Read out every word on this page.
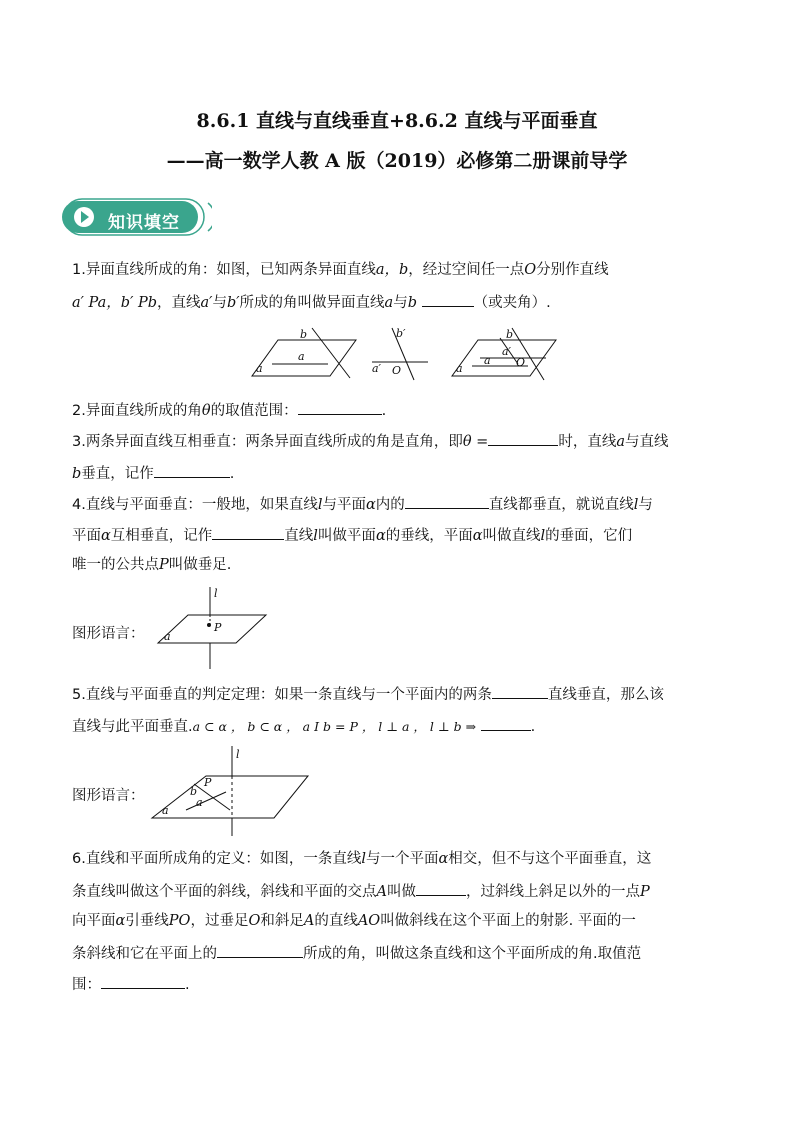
8.6.1 直线与直线垂直+8.6.2 直线与平面垂直
——高一数学人教 A 版（2019）必修第二册课前导学
知识填空
1.异面直线所成的角：如图，已知两条异面直线a，b，经过空间任一点O分别作直线
a′ Pa，b′ Pb，直线a′与b′所成的角叫做异面直线a与b	（或夹角）.
a
b
a
b′
a′ O
a
a′
b
O
a
2.异面直线所成的角θ的取值范围：	.
3.两条异面直线互相垂直：两条异面直线所成的角是直角，即θ =	时，直线a与直线
b垂直，记作	.
4.直线与平面垂直：一般地，如果直线l与平面α内的	直线都垂直，就说直线l与
平面α互相垂直，记作	直线l叫做平面α的垂线，平面α叫做直线l的垂面，它们
唯一的公共点P叫做垂足.
图形语言：
l
P
a
5.直线与平面垂直的判定定理：如果一条直线与一个平面内的两条	直线垂直，那么该
直线与此平面垂直.a ⊂ α ， b ⊂ α ， a I b = P ， l ⊥ a ， l ⊥ b ⇒	.
图形语言：
l
P
b
a
a
6.直线和平面所成角的定义：如图，一条直线l与一个平面α相交，但不与这个平面垂直，这
条直线叫做这个平面的斜线，斜线和平面的交点A叫做	，过斜线上斜足以外的一点P
向平面α引垂线PO，过垂足O和斜足A的直线AO叫做斜线在这个平面上的射影. 平面的一
条斜线和它在平面上的	所成的角，叫做这条直线和这个平面所成的角.取值范
围：	.
